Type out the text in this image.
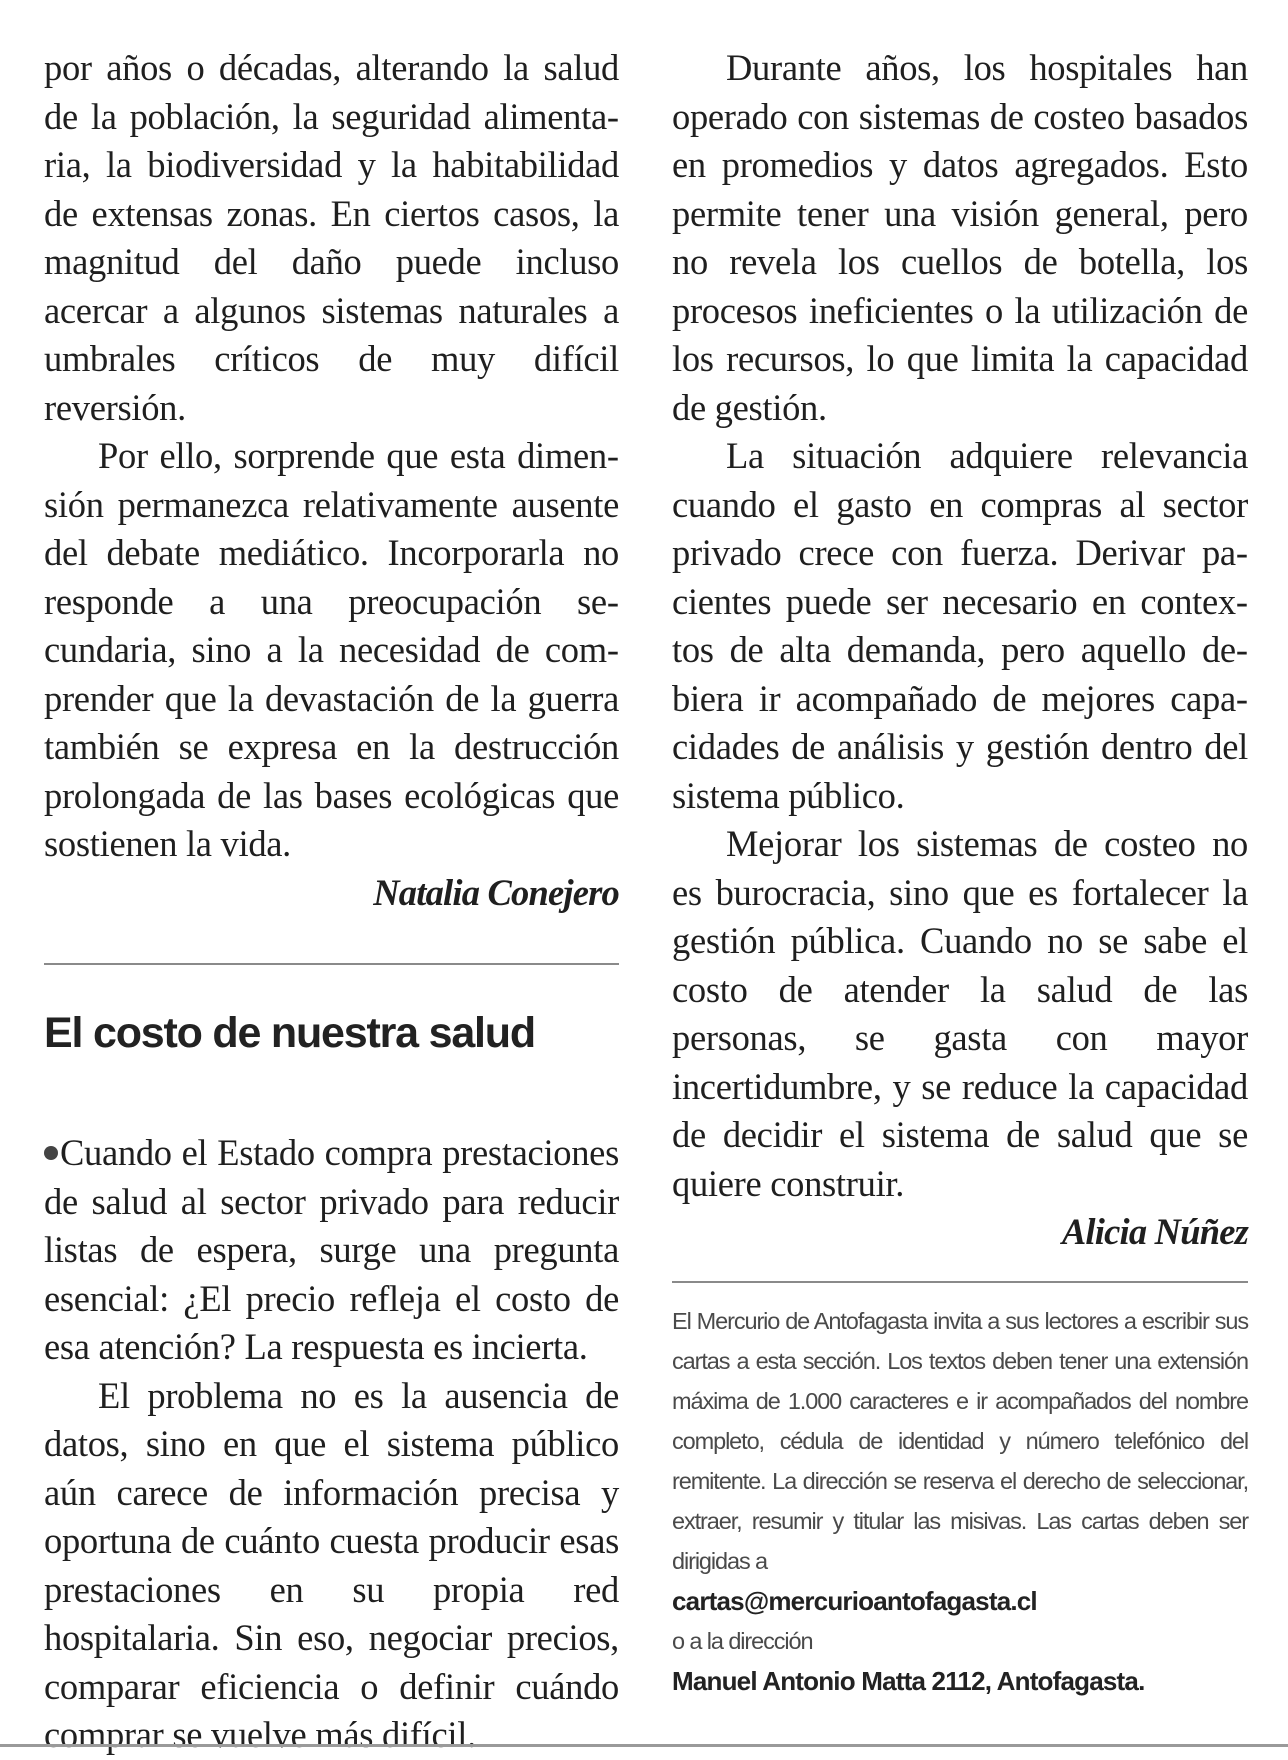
por años o décadas, alterando la salud de la población, la seguridad alimentaria, la biodiversidad y la habitabilidad de extensas zonas. En ciertos casos, la magnitud del daño puede incluso acercar a algunos sistemas naturales a umbrales críticos de muy difícil reversión.

Por ello, sorprende que esta dimensión permanezca relativamente ausente del debate mediático. Incorporarla no responde a una preocupación secundaria, sino a la necesidad de comprender que la devastación de la guerra también se expresa en la destrucción prolongada de las bases ecológicas que sostienen la vida.

Natalia Conejero

El costo de nuestra salud

Cuando el Estado compra prestaciones de salud al sector privado para reducir listas de espera, surge una pregunta esencial: ¿El precio refleja el costo de esa atención? La respuesta es incierta.

El problema no es la ausencia de datos, sino en que el sistema público aún carece de información precisa y oportuna de cuánto cuesta producir esas prestaciones en su propia red hospitalaria. Sin eso, negociar precios, comparar eficiencia o definir cuándo comprar se vuelve más difícil.

Durante años, los hospitales han operado con sistemas de costeo basados en promedios y datos agregados. Esto permite tener una visión general, pero no revela los cuellos de botella, los procesos ineficientes o la utilización de los recursos, lo que limita la capacidad de gestión.

La situación adquiere relevancia cuando el gasto en compras al sector privado crece con fuerza. Derivar pacientes puede ser necesario en contextos de alta demanda, pero aquello debiera ir acompañado de mejores capacidades de análisis y gestión dentro del sistema público.

Mejorar los sistemas de costeo no es burocracia, sino que es fortalecer la gestión pública. Cuando no se sabe el costo de atender la salud de las personas, se gasta con mayor incertidumbre, y se reduce la capacidad de decidir el sistema de salud que se quiere construir.

Alicia Núñez

El Mercurio de Antofagasta invita a sus lectores a escribir sus cartas a esta sección. Los textos deben tener una extensión máxima de 1.000 caracteres e ir acompañados del nombre completo, cédula de identidad y número telefónico del remitente. La dirección se reserva el derecho de seleccionar, extraer, resumir y titular las misivas. Las cartas deben ser dirigidas a

cartas@mercurioantofagasta.cl

o a la dirección

Manuel Antonio Matta 2112, Antofagasta.
